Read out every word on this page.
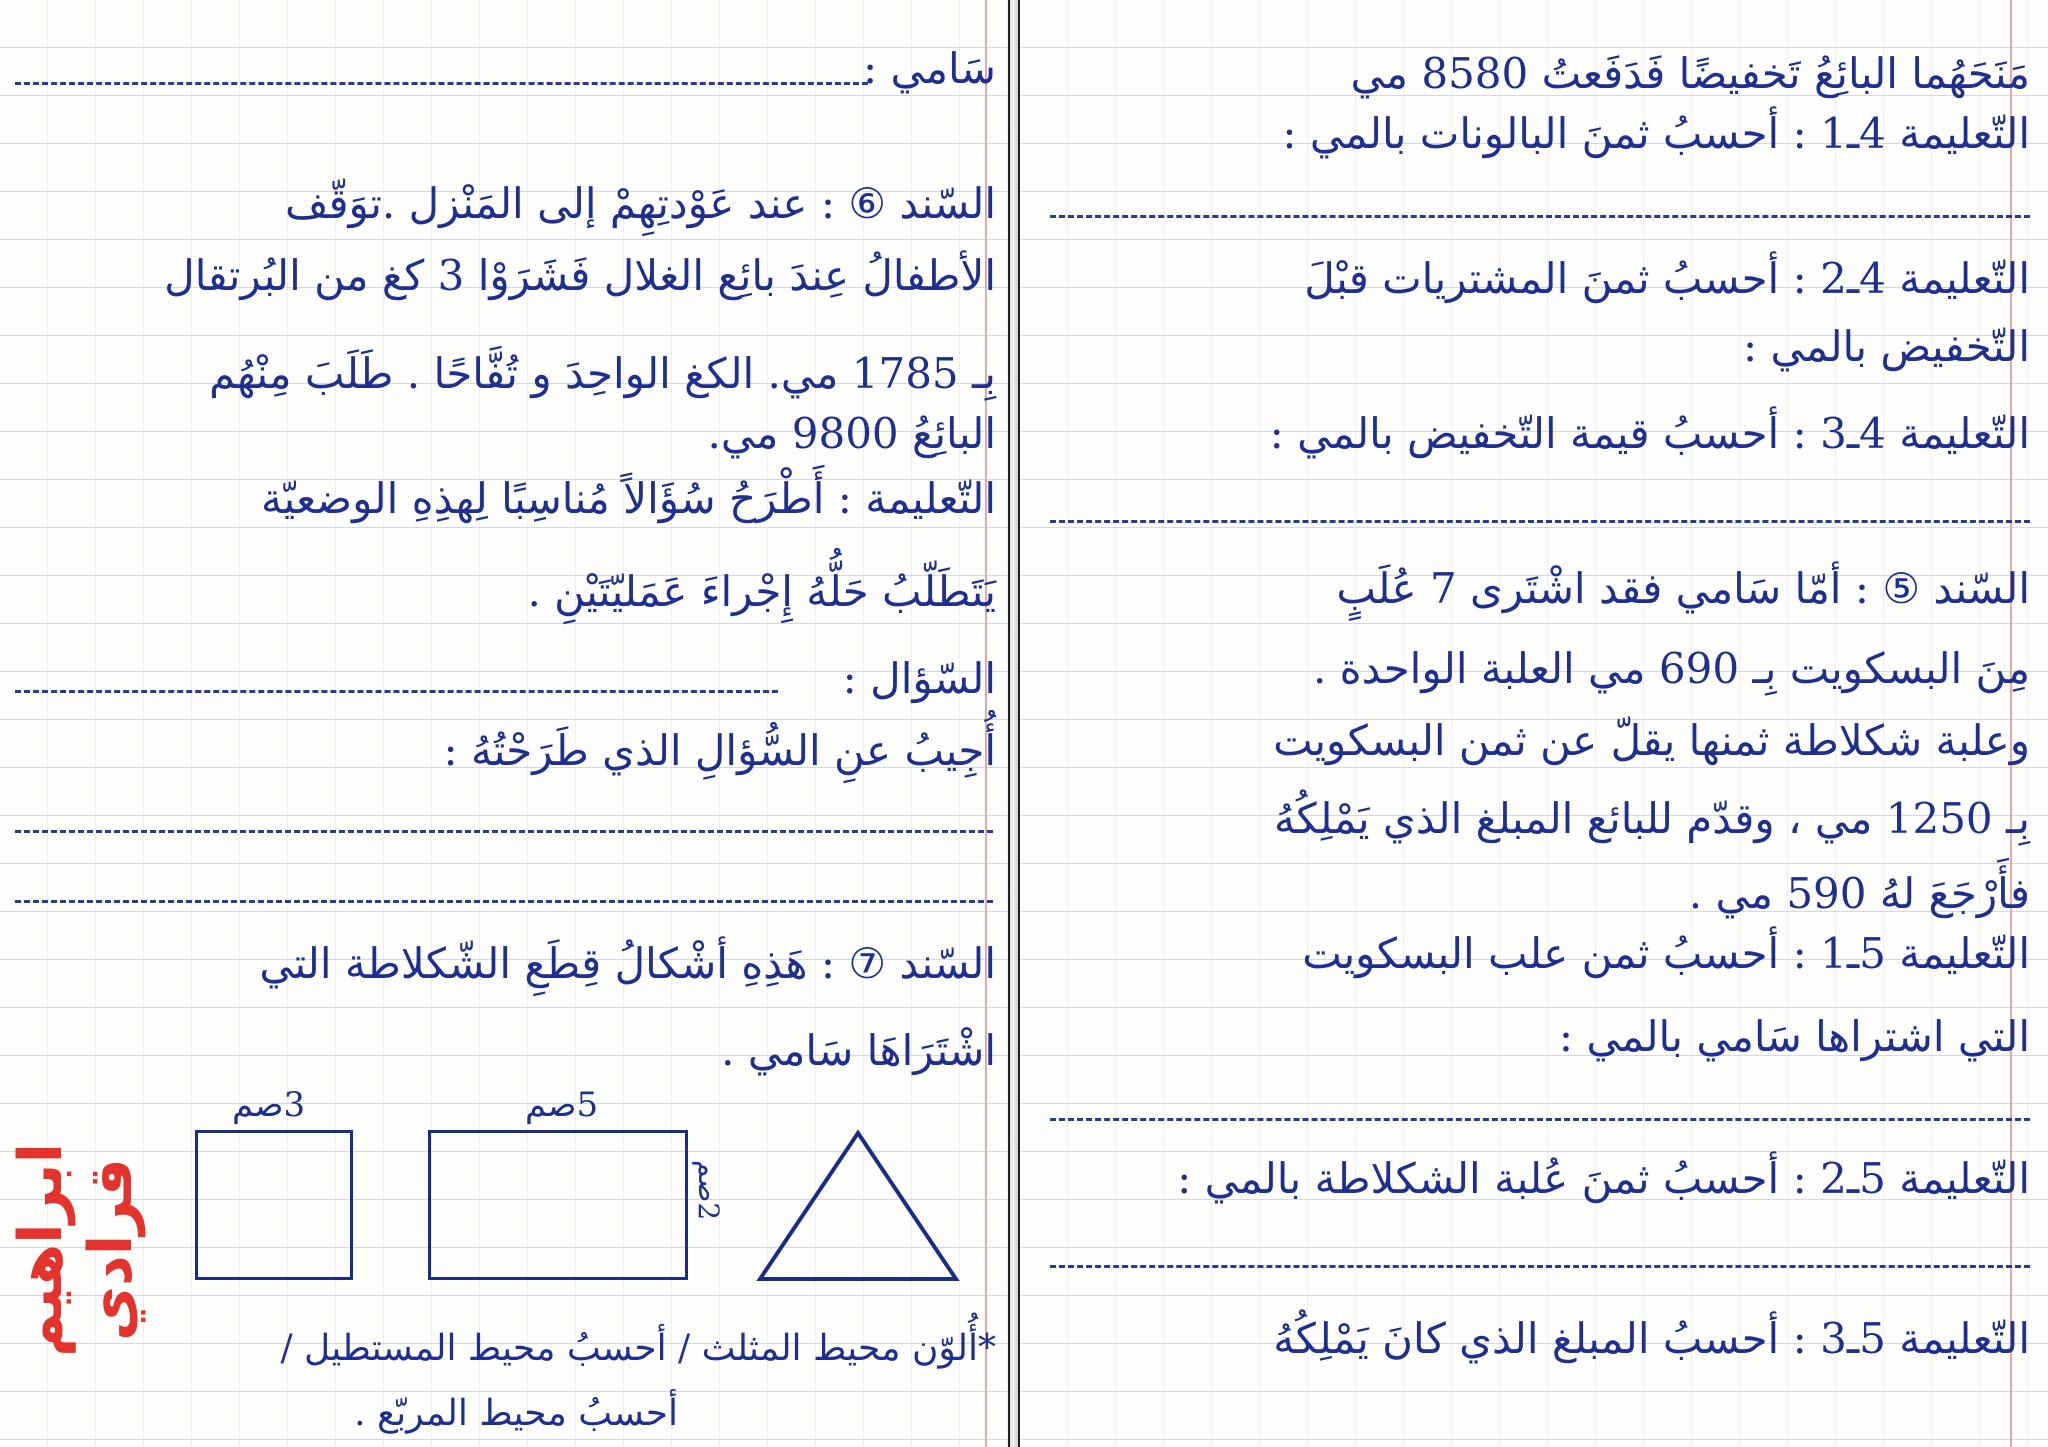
سَامي :
السّند ⑥ : عند عَوْدتِهِمْ إلى المَنْزل .توَقّف
الأطفالُ عِندَ بائِع الغلال فَشَرَوْا 3 كغ من البُرتقال
بِـ 1785 مي. الكغ الواحِدَ و تُفَّاحًا . طَلَبَ مِنْهُم
البائِعُ 9800 مي.
التّعليمة : أَطْرَحُ سُؤَالاً مُناسِبًا لِهذِهِ الوضعيّة
يَتَطَلّبُ حَلُّهُ إِجْراءَ عَمَليّتَيْنِ .
السّؤال :
أُجِيبُ عنِ السُّؤالِ الذي طَرَحْتُهُ :
السّند ⑦ : هَذِهِ أشْكالُ قِطَعِ الشّكلاطة التي
اشْتَرَاهَا سَامي .
3صم	5صم
2صم
*أُلوّن محيط المثلث / أحسبُ محيط المستطيل /
أحسبُ محيط المربّع .
ابراهيم قرادي
مَنَحَهُما البائِعُ تَخفيضًا فَدَفَعتُ 8580 مي
التّعليمة 4ـ1 : أحسبُ ثمنَ البالونات بالمي :
التّعليمة 4ـ2 : أحسبُ ثمنَ المشتريات قبْلَ
التّخفيض بالمي :
التّعليمة 4ـ3 : أحسبُ قيمة التّخفيض بالمي :
السّند ⑤ : أمّا سَامي فقد اشْتَرى 7 عُلَبٍ
مِنَ البسكويت بِـ 690 مي العلبة الواحدة .
وعلبة شكلاطة ثمنها يقلّ عن ثمن البسكويت
بِـ 1250 مي ، وقدّم للبائع المبلغ الذي يَمْلِكُهُ
فأَرْجَعَ لهُ 590 مي .
التّعليمة 5ـ1 : أحسبُ ثمن علب البسكويت
التي اشتراها سَامي بالمي :
التّعليمة 5ـ2 : أحسبُ ثمنَ عُلبة الشكلاطة بالمي :
التّعليمة 5ـ3 : أحسبُ المبلغ الذي كانَ يَمْلِكُهُ
